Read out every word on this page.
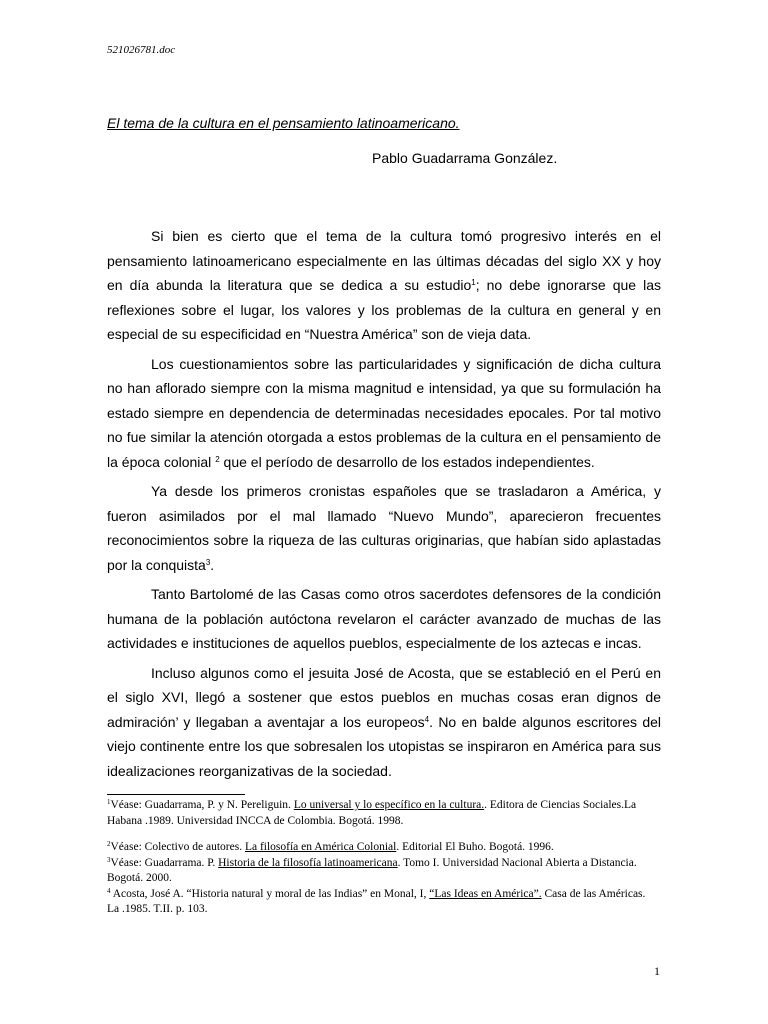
521026781.doc
El tema de la cultura en el pensamiento latinoamericano.
Pablo Guadarrama González.

Si bien es cierto que el tema de la cultura tomó progresivo interés en el pensamiento latinoamericano especialmente en las últimas décadas del siglo XX y hoy en día abunda la literatura que se dedica a su estudio$^1$; no debe ignorarse que las reflexiones sobre el lugar, los valores y los problemas de la cultura en general y en especial de su especificidad en “Nuestra América” son de vieja data.

Los cuestionamientos sobre las particularidades y significación de dicha cultura no han aflorado siempre con la misma magnitud e intensidad, ya que su formulación ha estado siempre en dependencia de determinadas necesidades epocales. Por tal motivo no fue similar la atención otorgada a estos problemas de la cultura en el pensamiento de la época colonial $^2$ que el período de desarrollo de los estados independientes.

Ya desde los primeros cronistas españoles que se trasladaron a América, y fueron asimilados por el mal llamado “Nuevo Mundo”, aparecieron frecuentes reconocimientos sobre la riqueza de las culturas originarias, que habían sido aplastadas por la conquista$^3$.

Tanto Bartolomé de las Casas como otros sacerdotes defensores de la condición humana de la población autóctona revelaron el carácter avanzado de muchas de las actividades e instituciones de aquellos pueblos, especialmente de los aztecas e incas.

Incluso algunos como el jesuita José de Acosta, que se estableció en el Perú en el siglo XVI, llegó a sostener que estos pueblos en muchas cosas eran dignos de admiración’ y llegaban a aventajar a los europeos$^4$. No en balde algunos escritores del viejo continente entre los que sobresalen los utopistas se inspiraron en América para sus idealizaciones reorganizativas de la sociedad.

$^1$Véase: Guadarrama, P. y N. Pereliguin. Lo universal y lo específico en la cultura.. Editora de Ciencias Sociales.La Habana .1989. Universidad INCCA de Colombia. Bogotá. 1998.

$^2$Véase: Colectivo de autores. La filosofía en América Colonial. Editorial El Buho. Bogotá. 1996.

$^3$Véase: Guadarrama. P. Historia de la filosofía latinoamericana. Tomo I. Universidad Nacional Abierta a Distancia. Bogotá. 2000.

$^4$ Acosta, José A. “Historia natural y moral de las Indias” en Monal, I, “Las Ideas en América”. Casa de las Américas. La .1985. T.II. p. 103.

1
